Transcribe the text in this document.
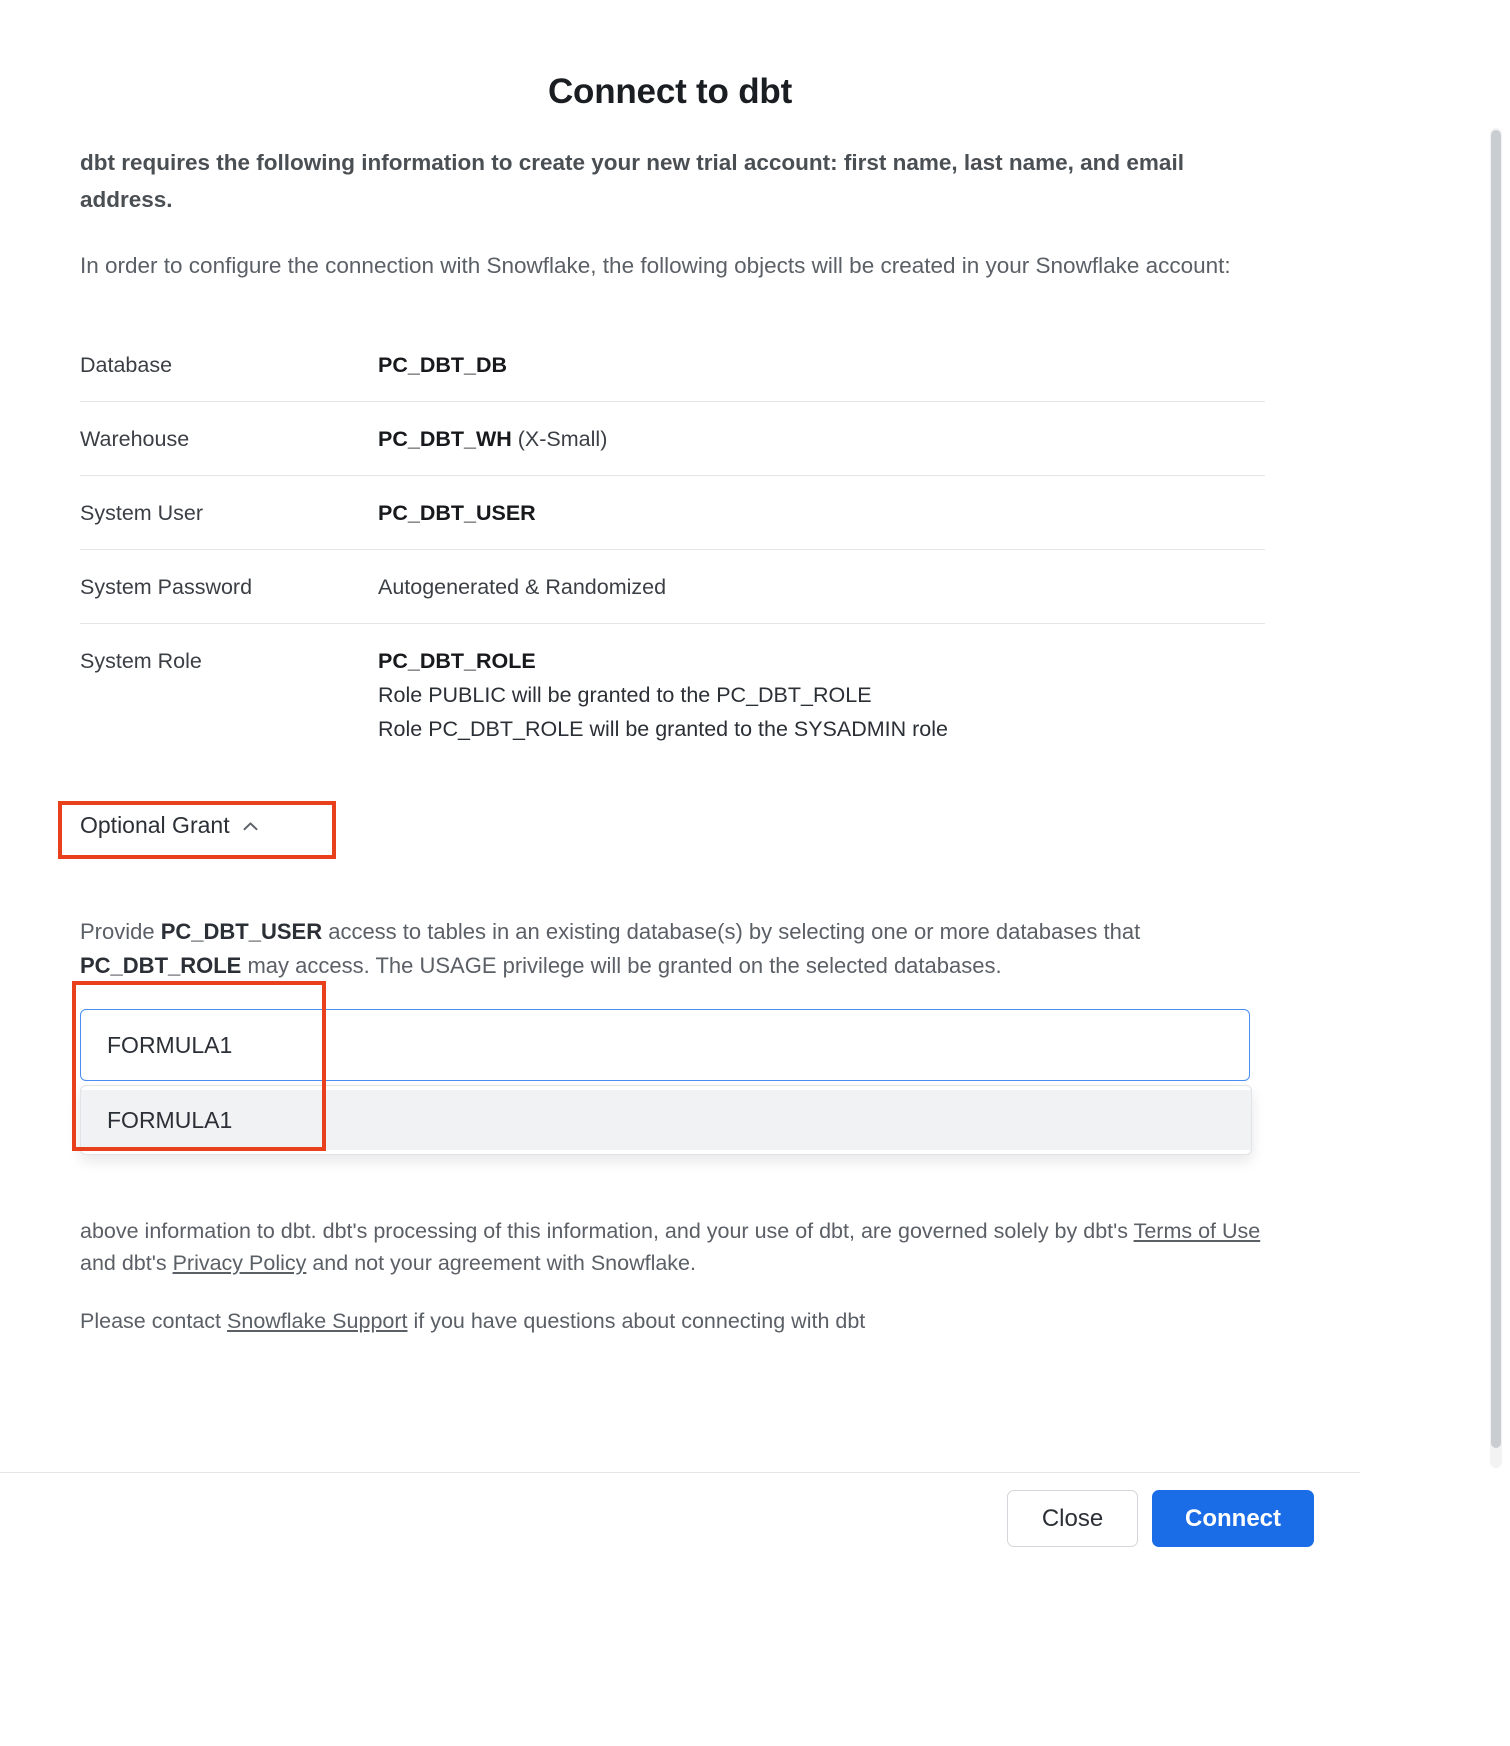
Connect to dbt

dbt requires the following information to create your new trial account: first name, last name, and email address.

In order to configure the connection with Snowflake, the following objects will be created in your Snowflake account:

Database	PC_DBT_DB
Warehouse	PC_DBT_WH (X-Small)
System User	PC_DBT_USER
System Password	Autogenerated & Randomized
System Role	PC_DBT_ROLE
Role PUBLIC will be granted to the PC_DBT_ROLE
Role PC_DBT_ROLE will be granted to the SYSADMIN role
Optional Grant

Provide PC_DBT_USER access to tables in an existing database(s) by selecting one or more databases that PC_DBT_ROLE may access. The USAGE privilege will be granted on the selected databases.

FORMULA1
FORMULA1

above information to dbt. dbt's processing of this information, and your use of dbt, are governed solely by dbt's Terms of Use and dbt's Privacy Policy and not your agreement with Snowflake.

Please contact Snowflake Support if you have questions about connecting with dbt

Close	Connect
